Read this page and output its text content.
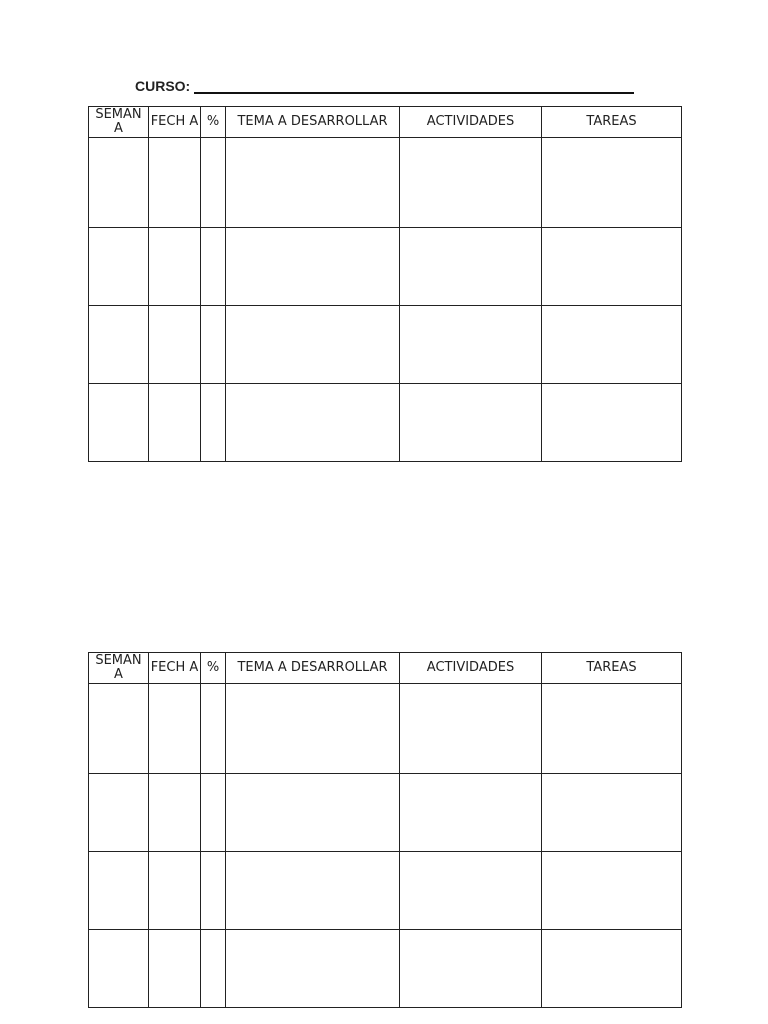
CURSO:
SEMAN A	FECH A	%	TEMA A DESARROLLAR	ACTIVIDADES	TAREAS

SEMAN A	FECH A	%	TEMA A DESARROLLAR	ACTIVIDADES	TAREAS
